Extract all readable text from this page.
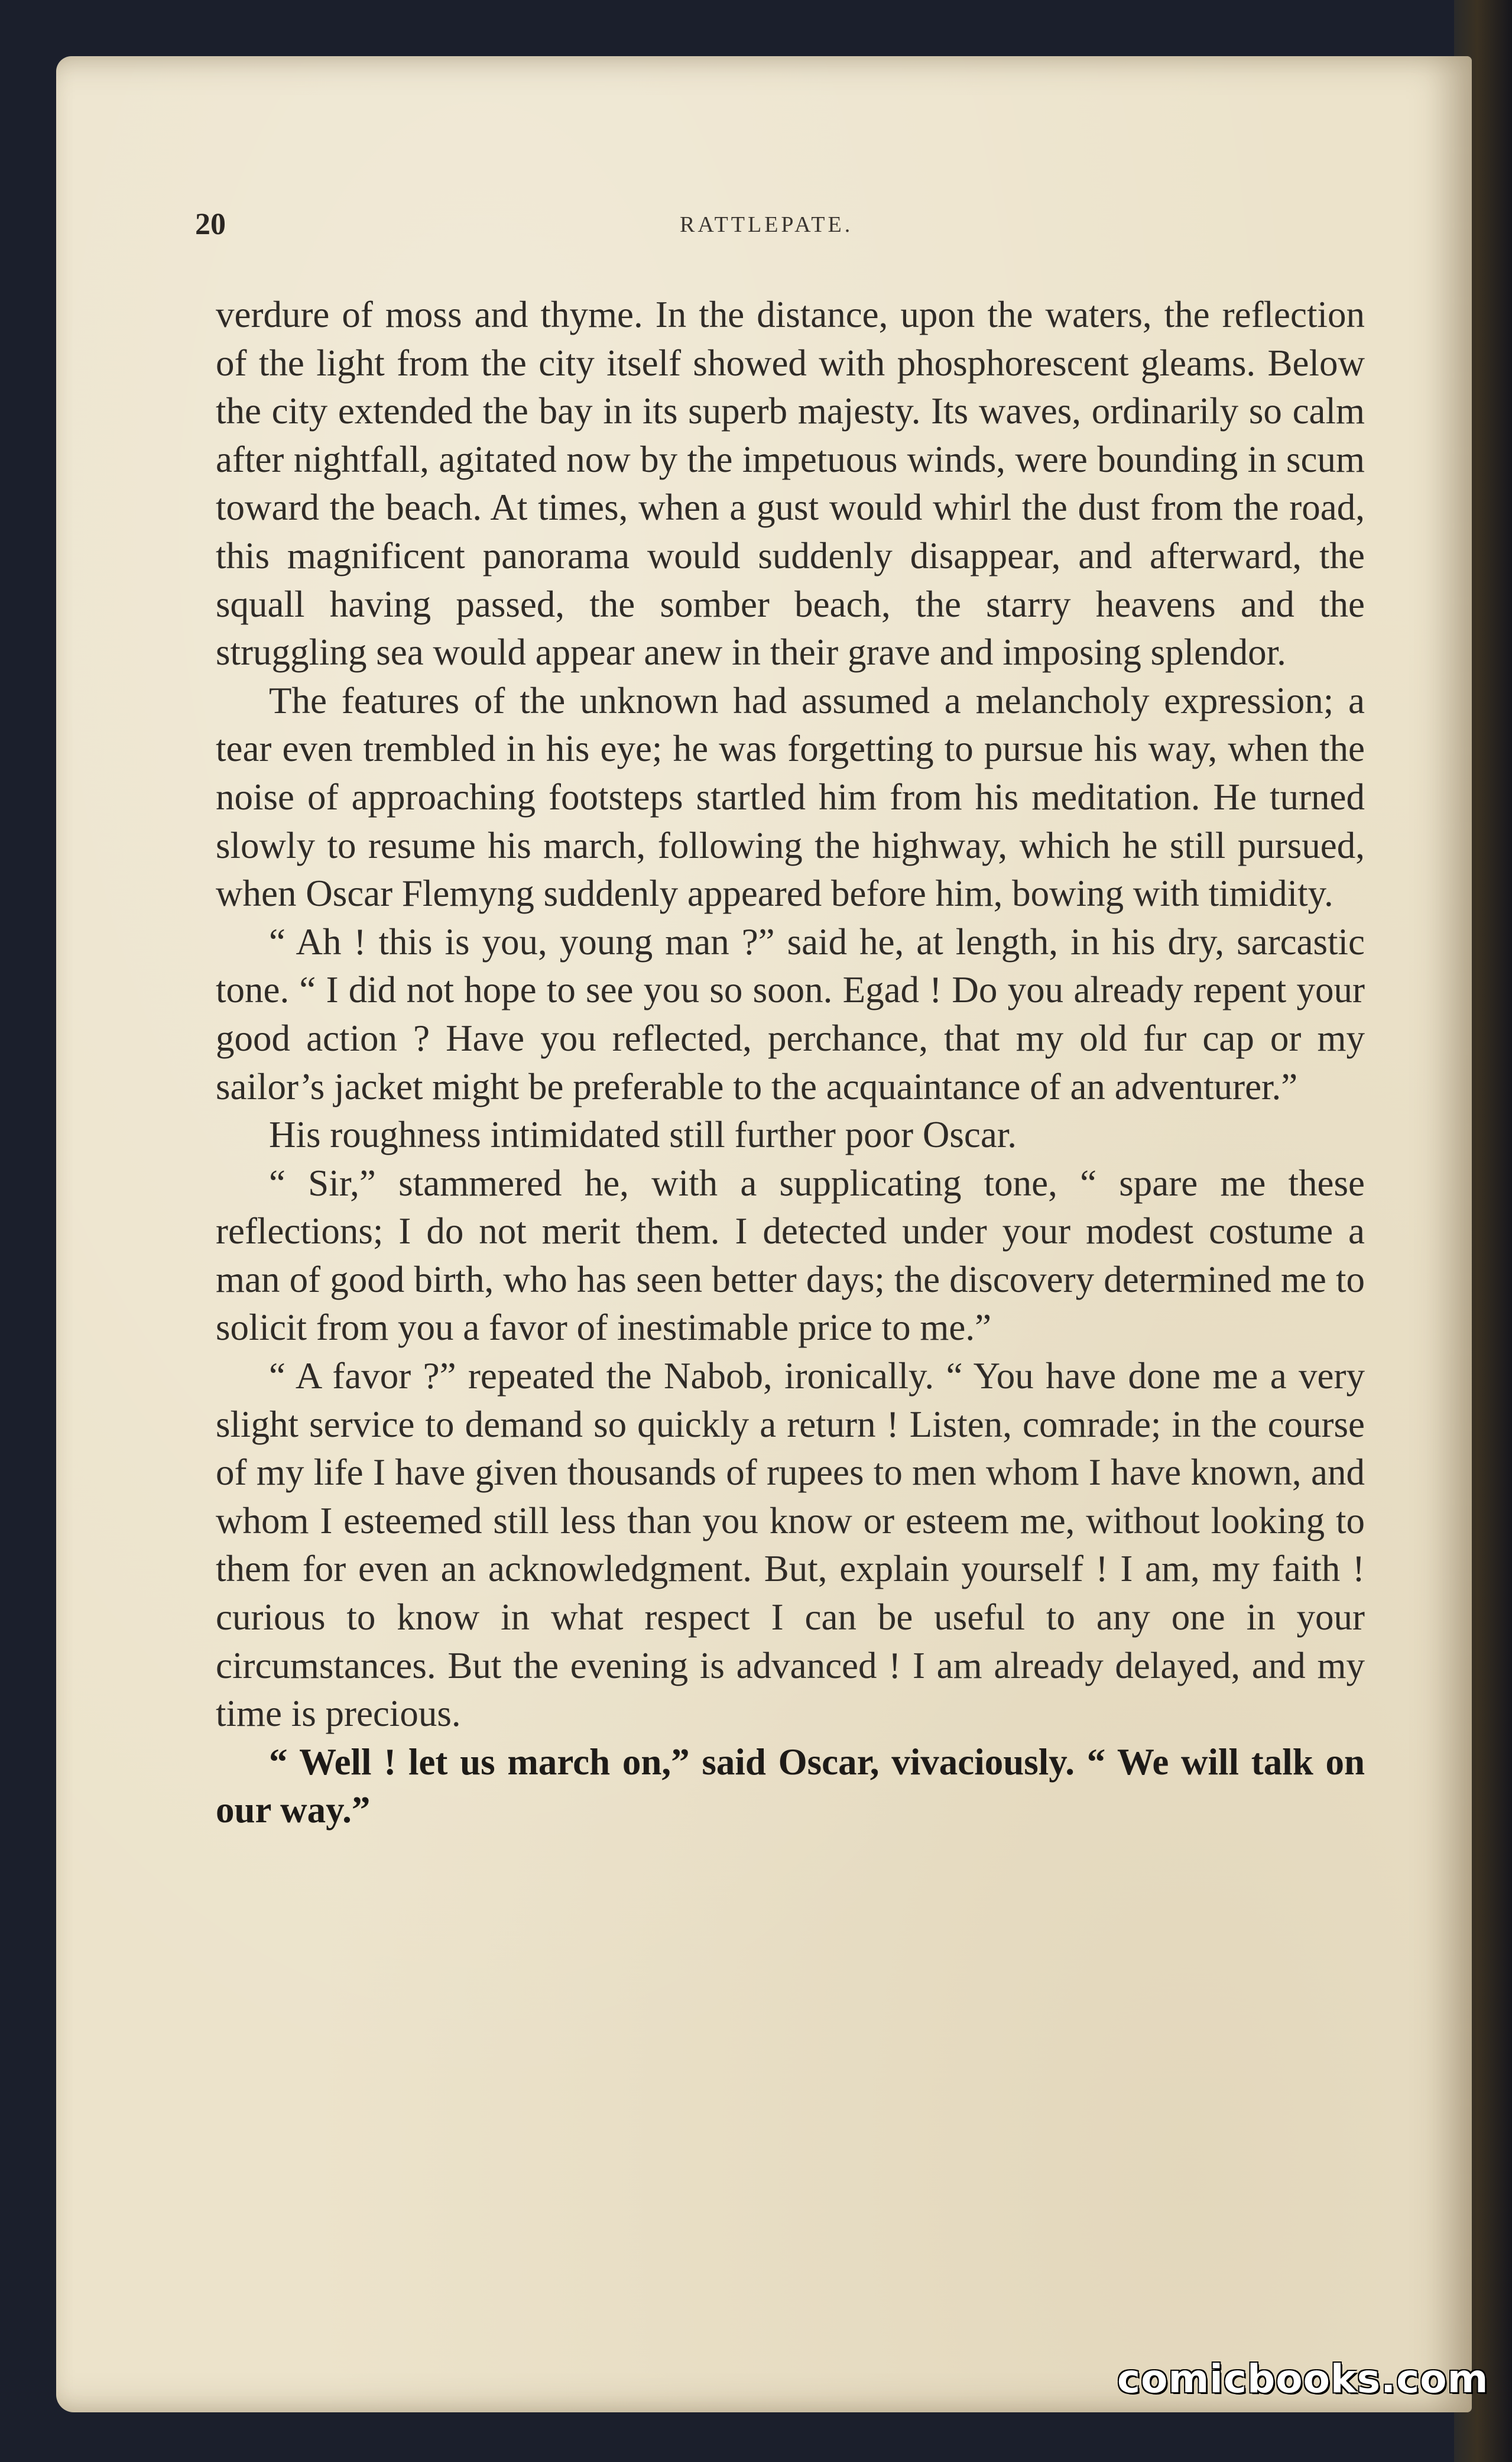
20	RATTLEPATE.

verdure of moss and thyme. In the distance, upon the waters, the reflection of the light from the city itself showed with phosphorescent gleams. Below the city extended the bay in its superb majesty. Its waves, ordinarily so calm after nightfall, agitated now by the impetuous winds, were bounding in scum toward the beach. At times, when a gust would whirl the dust from the road, this magnificent panorama would suddenly disappear, and afterward, the squall having passed, the somber beach, the starry heavens and the struggling sea would appear anew in their grave and imposing splendor.

The features of the unknown had assumed a melancholy expression; a tear even trembled in his eye; he was forgetting to pursue his way, when the noise of approaching footsteps startled him from his meditation. He turned slowly to resume his march, following the highway, which he still pursued, when Oscar Flemyng suddenly appeared before him, bowing with timidity.

“ Ah ! this is you, young man ?” said he, at length, in his dry, sarcastic tone. “ I did not hope to see you so soon. Egad ! Do you already repent your good action ? Have you reflected, perchance, that my old fur cap or my sailor’s jacket might be preferable to the acquaintance of an adventurer.”

His roughness intimidated still further poor Oscar.

“ Sir,” stammered he, with a supplicating tone, “ spare me these reflections; I do not merit them. I detected under your modest costume a man of good birth, who has seen better days; the discovery determined me to solicit from you a favor of inestimable price to me.”

“ A favor ?” repeated the Nabob, ironically. “ You have done me a very slight service to demand so quickly a return ! Listen, comrade; in the course of my life I have given thousands of rupees to men whom I have known, and whom I esteemed still less than you know or esteem me, without looking to them for even an acknowledgment. But, explain yourself ! I am, my faith ! curious to know in what respect I can be useful to any one in your circumstances. But the evening is advanced ! I am already delayed, and my time is precious.

“ Well ! let us march on,” said Oscar, vivaciously. “ We will talk on our way.”

comicbooks.com
